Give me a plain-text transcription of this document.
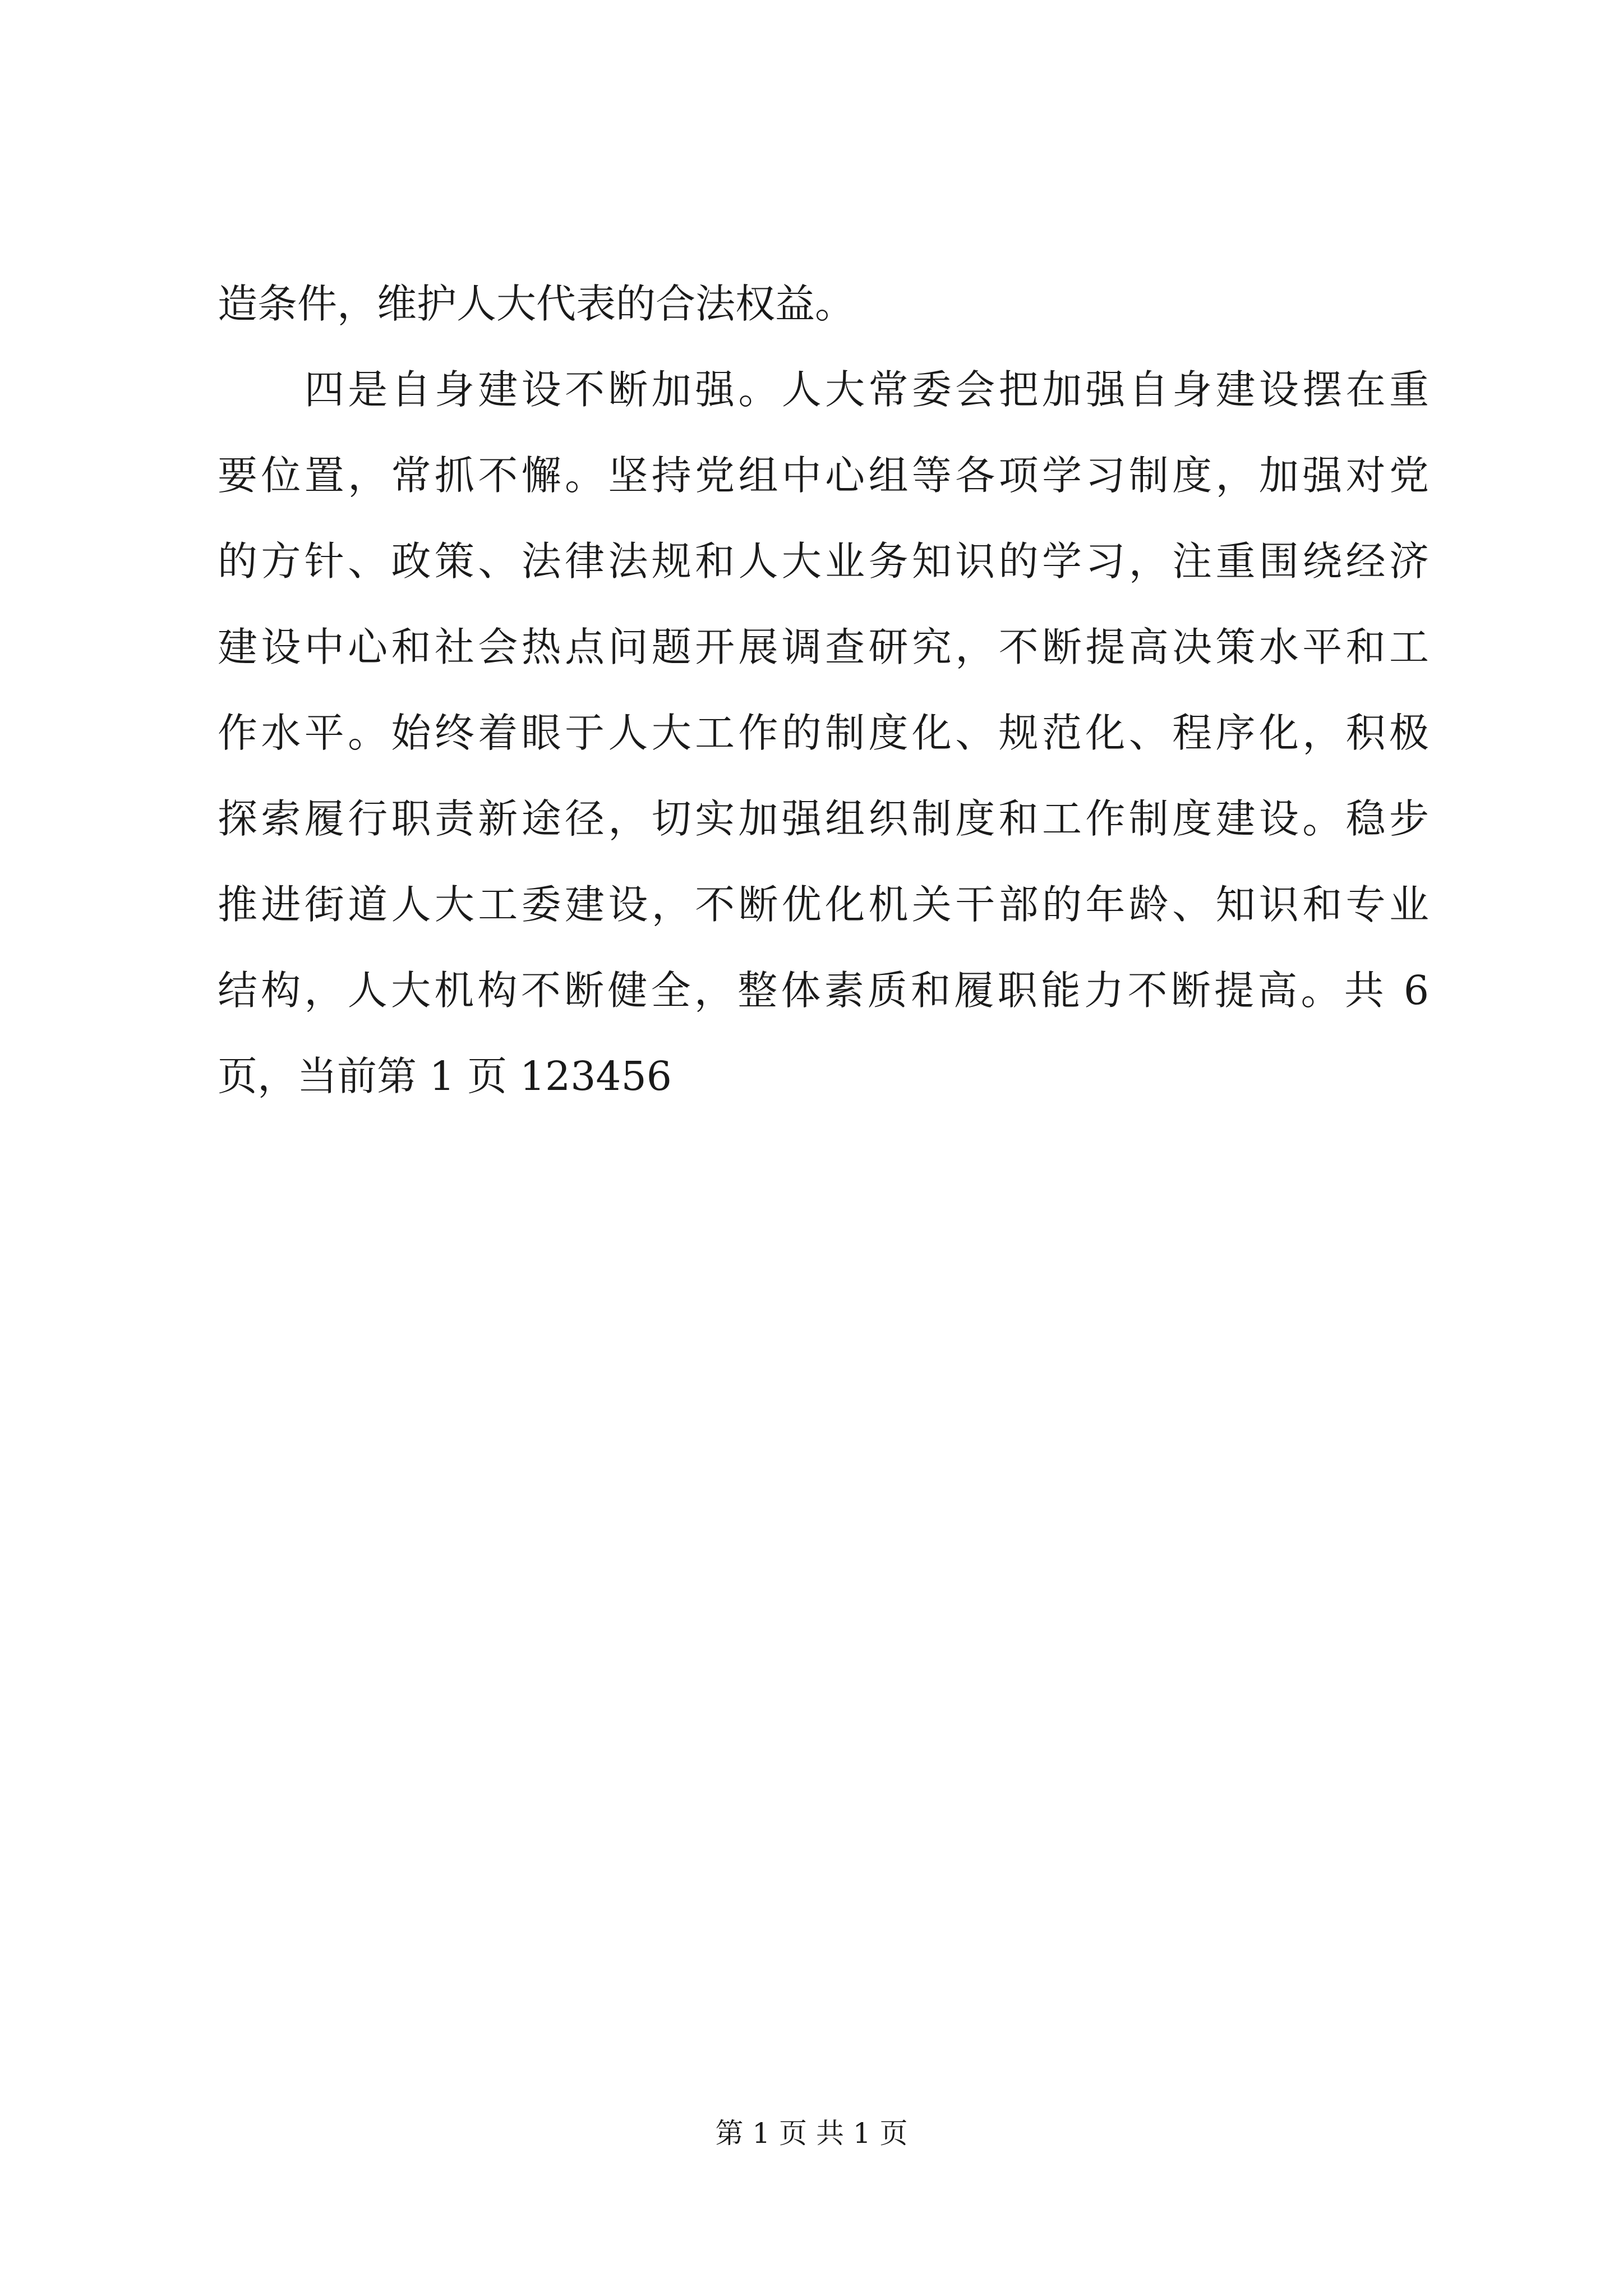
造条件，维护人大代表的合法权益。
　　四是自身建设不断加强。人大常委会把加强自身建设摆在重
要位置，常抓不懈。坚持党组中心组等各项学习制度，加强对党
的方针、政策、法律法规和人大业务知识的学习，注重围绕经济
建设中心和社会热点问题开展调查研究，不断提高决策水平和工
作水平。始终着眼于人大工作的制度化、规范化、程序化，积极
探索履行职责新途径，切实加强组织制度和工作制度建设。稳步
推进街道人大工委建设，不断优化机关干部的年龄、知识和专业
结构，人大机构不断健全，整体素质和履职能力不断提高。共 6
页，当前第 1 页 123456
第 1 页 共 1 页
